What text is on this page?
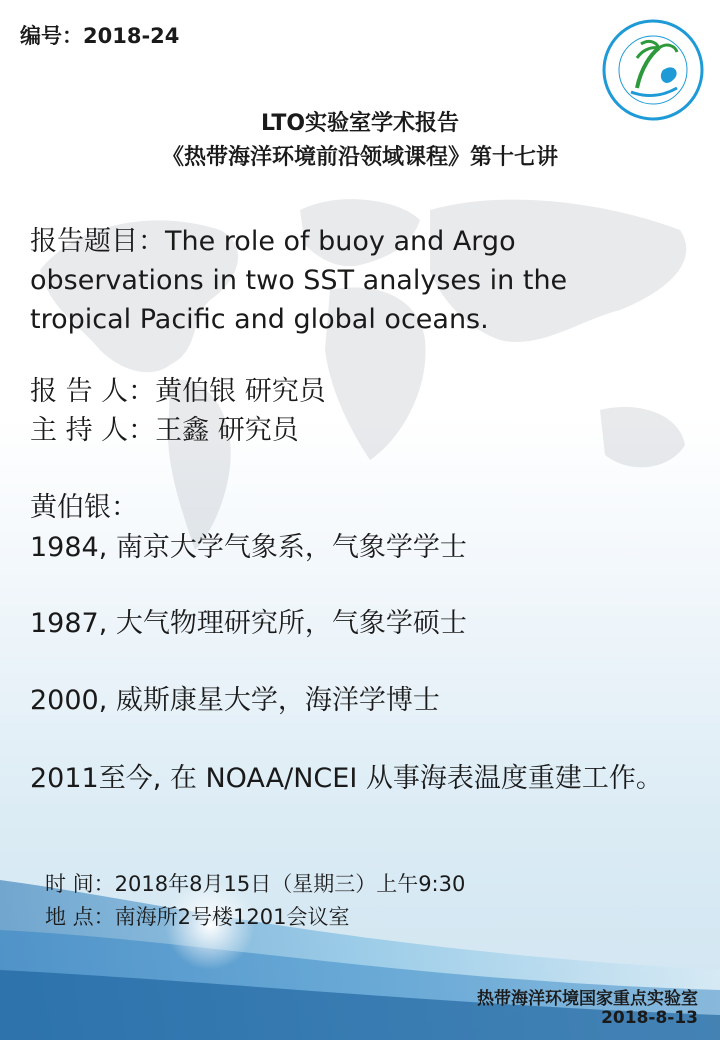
编号：2018-24
LTO实验室学术报告
《热带海洋环境前沿领域课程》第十七讲
报告题目：The role of buoy and Argo observations in two SST analyses in the tropical Pacific and global oceans.
报 告 人：黄伯银 研究员
主 持 人：王鑫 研究员
黄伯银：
1984, 南京大学气象系，气象学学士
1987, 大气物理研究所，气象学硕士
2000, 威斯康星大学，海洋学博士
2011至今, 在 NOAA/NCEI 从事海表温度重建工作。
时 间：2018年8月15日（星期三）上午9:30
地 点：南海所2号楼1201会议室
热带海洋环境国家重点实验室
2018-8-13
